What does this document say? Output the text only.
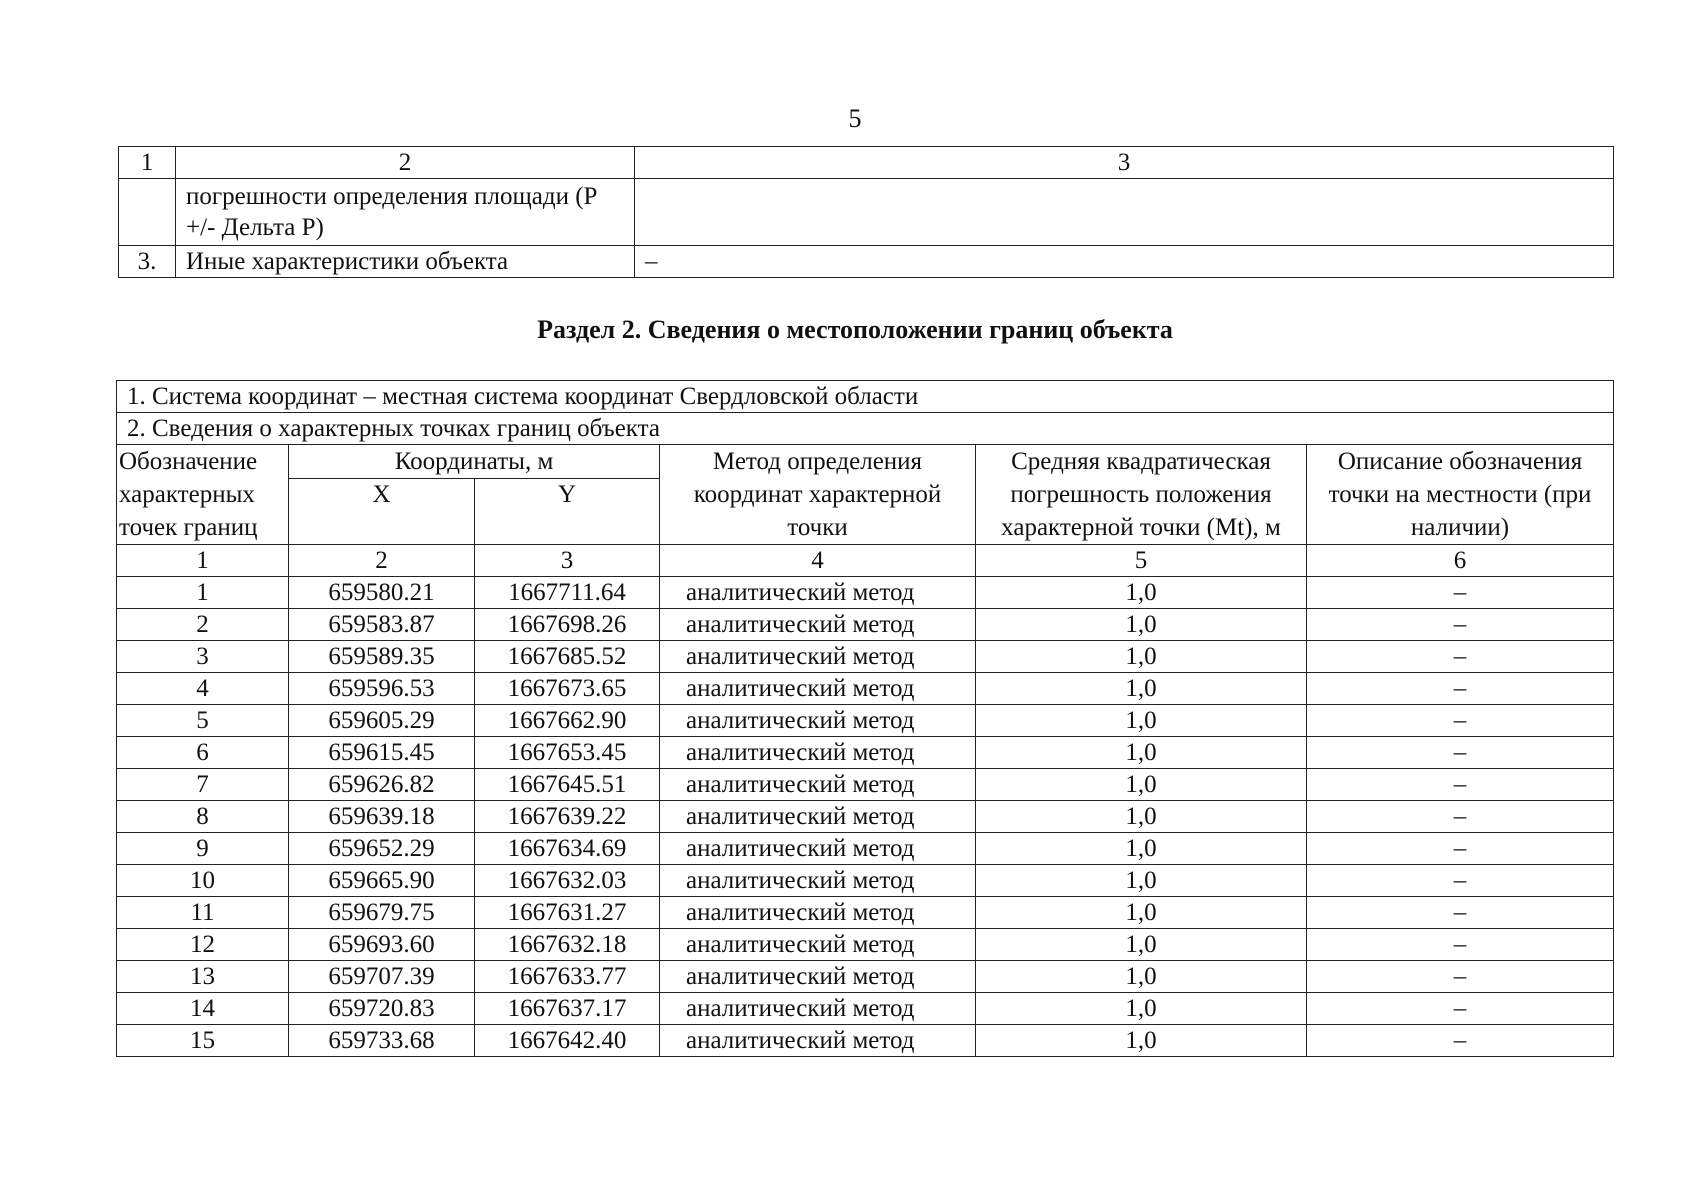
5
1	2	3
	погрешности определения площади (P +/- Дельта P)	
3.	Иные характеристики объекта	–
Раздел 2. Сведения о местоположении границ объекта
1. Система координат – местная система координат Свердловской области					
2. Сведения о характерных точках границ объекта					
Обозначение характерных точек границ	Координаты, м		Метод определения координат характерной точки	Средняя квадратическая погрешность положения характерной точки (Mt), м	Описание обозначения точки на местности (при наличии)
	X	Y			
1	2	3	4	5	6
1	659580.21	1667711.64	аналитический метод	1,0	–
2	659583.87	1667698.26	аналитический метод	1,0	–
3	659589.35	1667685.52	аналитический метод	1,0	–
4	659596.53	1667673.65	аналитический метод	1,0	–
5	659605.29	1667662.90	аналитический метод	1,0	–
6	659615.45	1667653.45	аналитический метод	1,0	–
7	659626.82	1667645.51	аналитический метод	1,0	–
8	659639.18	1667639.22	аналитический метод	1,0	–
9	659652.29	1667634.69	аналитический метод	1,0	–
10	659665.90	1667632.03	аналитический метод	1,0	–
11	659679.75	1667631.27	аналитический метод	1,0	–
12	659693.60	1667632.18	аналитический метод	1,0	–
13	659707.39	1667633.77	аналитический метод	1,0	–
14	659720.83	1667637.17	аналитический метод	1,0	–
15	659733.68	1667642.40	аналитический метод	1,0	–
